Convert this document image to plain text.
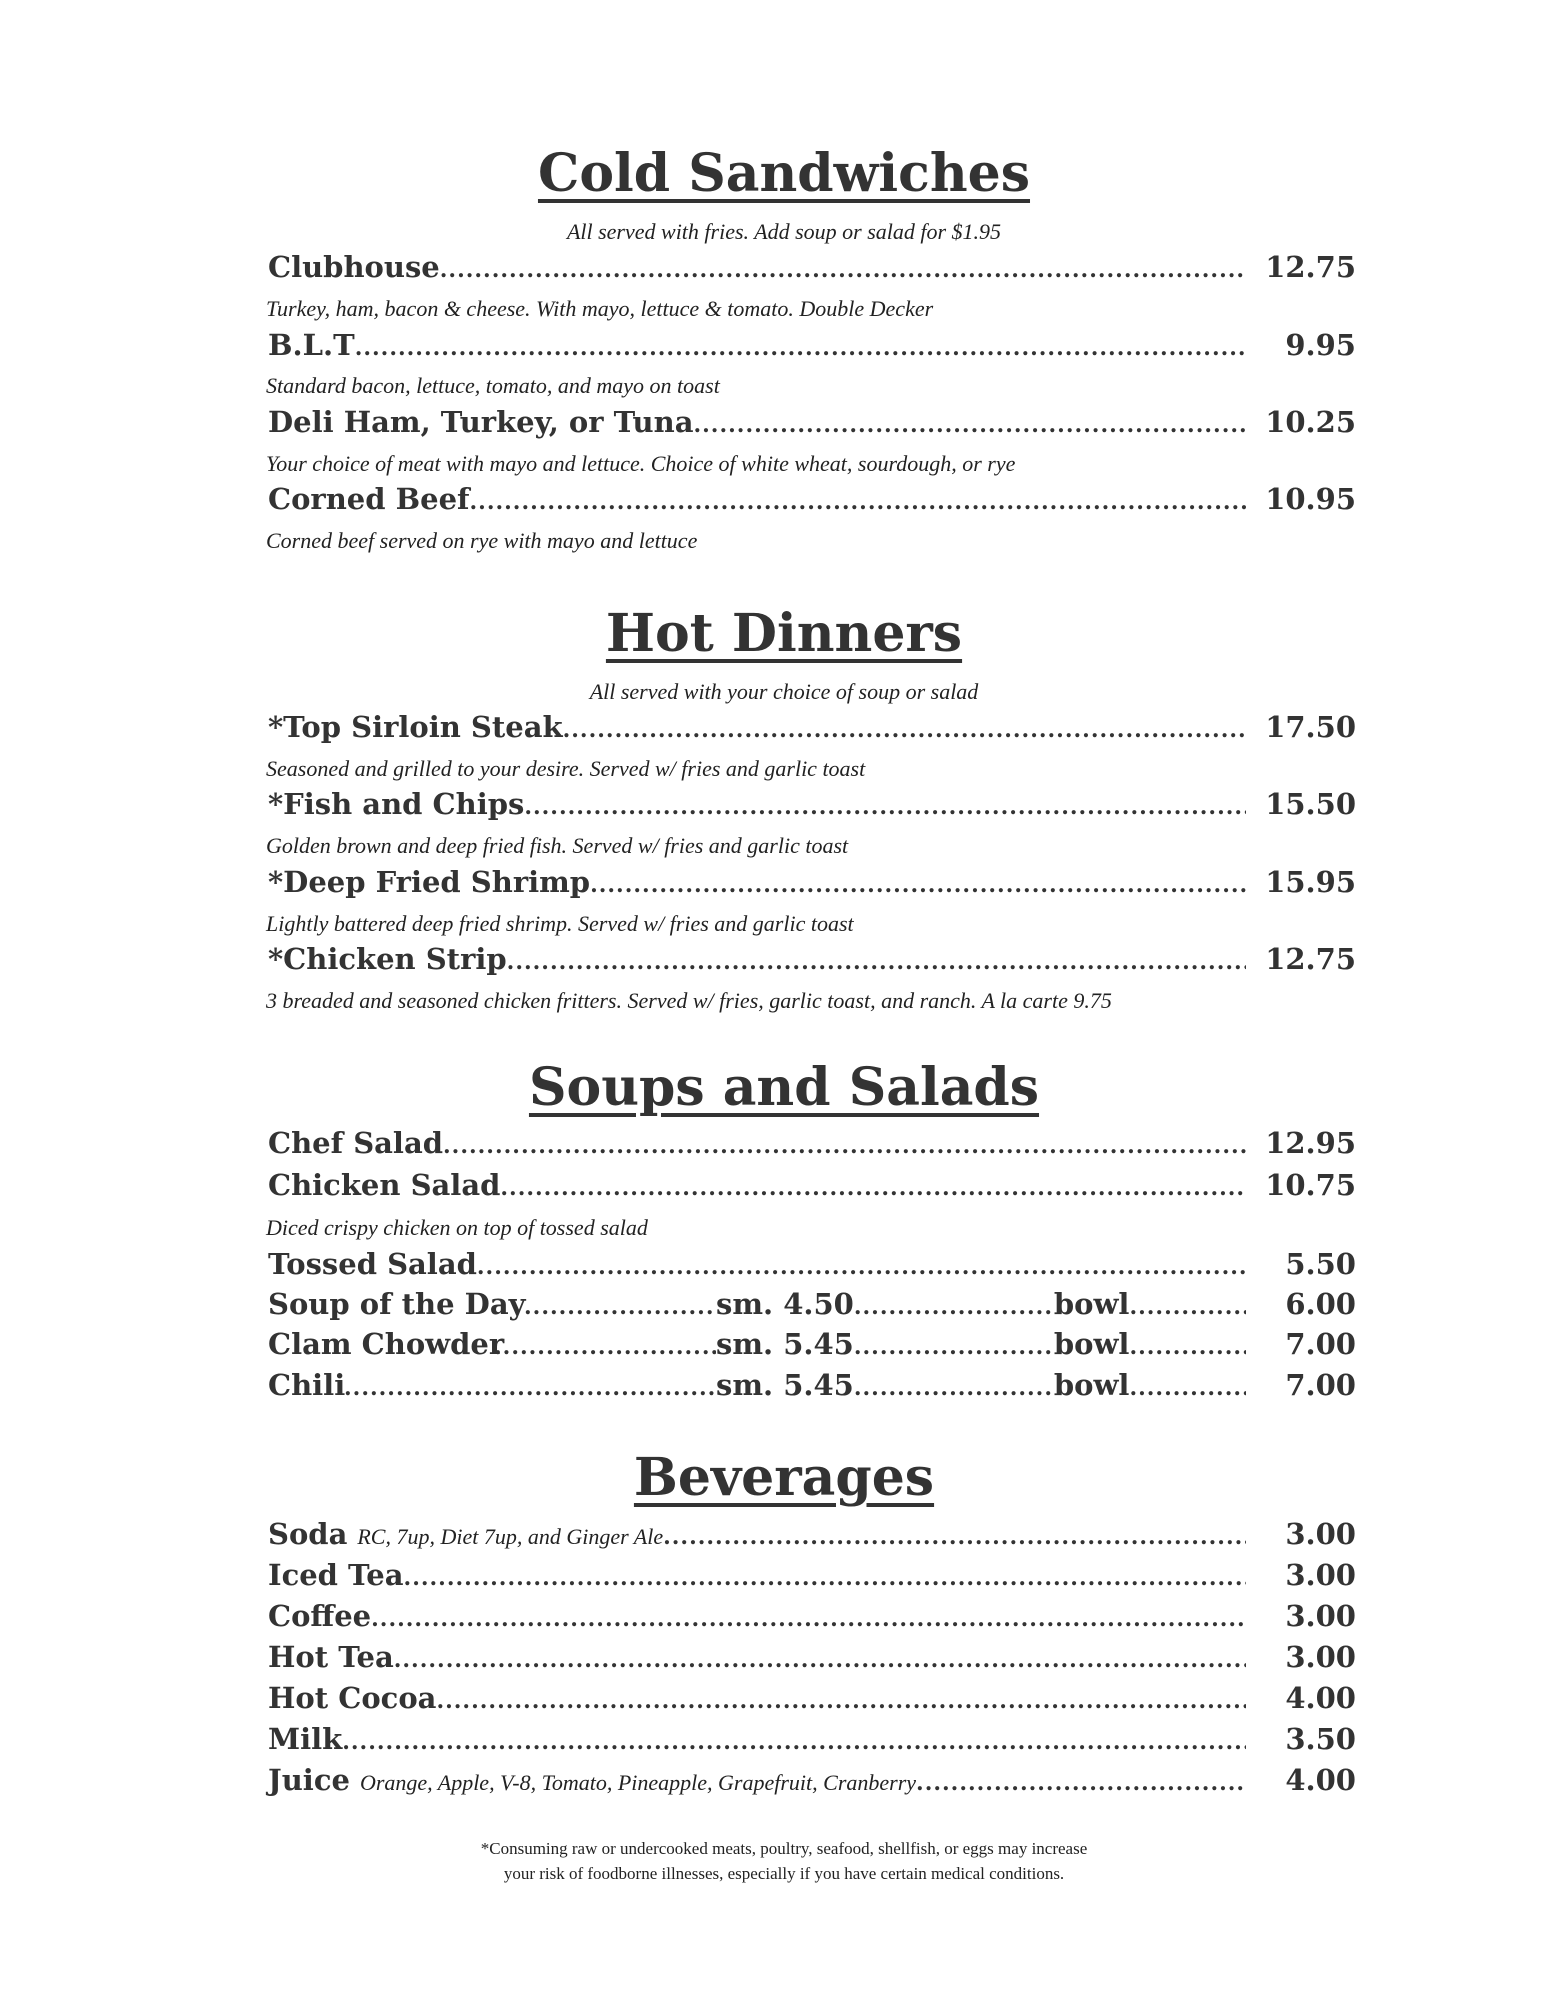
Cold Sandwiches
All served with fries. Add soup or salad for $1.95
Clubhouse .....	12.75
Turkey, ham, bacon & cheese. With mayo, lettuce & tomato. Double Decker
B.L.T .....	9.95
Standard bacon, lettuce, tomato, and mayo on toast
Deli Ham, Turkey, or Tuna .....	10.25
Your choice of meat with mayo and lettuce. Choice of white wheat, sourdough, or rye
Corned Beef .....	10.95
Corned beef served on rye with mayo and lettuce
Hot Dinners
All served with your choice of soup or salad
*Top Sirloin Steak .....	17.50
Seasoned and grilled to your desire. Served w/ fries and garlic toast
*Fish and Chips .....	15.50
Golden brown and deep fried fish. Served w/ fries and garlic toast
*Deep Fried Shrimp .....	15.95
Lightly battered deep fried shrimp. Served w/ fries and garlic toast
*Chicken Strip .....	12.75
3 breaded and seasoned chicken fritters. Served w/ fries, garlic toast, and ranch. A la carte 9.75
Soups and Salads
Chef Salad .....	12.95
Chicken Salad .....	10.75
Diced crispy chicken on top of tossed salad
Tossed Salad .....	5.50
Soup of the Day .....	sm. 4.50 .....	bowl .....	6.00
Clam Chowder .....	sm. 5.45 .....	bowl .....	7.00
Chili .....	sm. 5.45 .....	bowl .....	7.00
Beverages
Soda RC, 7up, Diet 7up, and Ginger Ale .....	3.00
Iced Tea .....	3.00
Coffee .....	3.00
Hot Tea .....	3.00
Hot Cocoa .....	4.00
Milk .....	3.50
Juice Orange, Apple, V-8, Tomato, Pineapple, Grapefruit, Cranberry .....	4.00
*Consuming raw or undercooked meats, poultry, seafood, shellfish, or eggs may increase
your risk of foodborne illnesses, especially if you have certain medical conditions.
